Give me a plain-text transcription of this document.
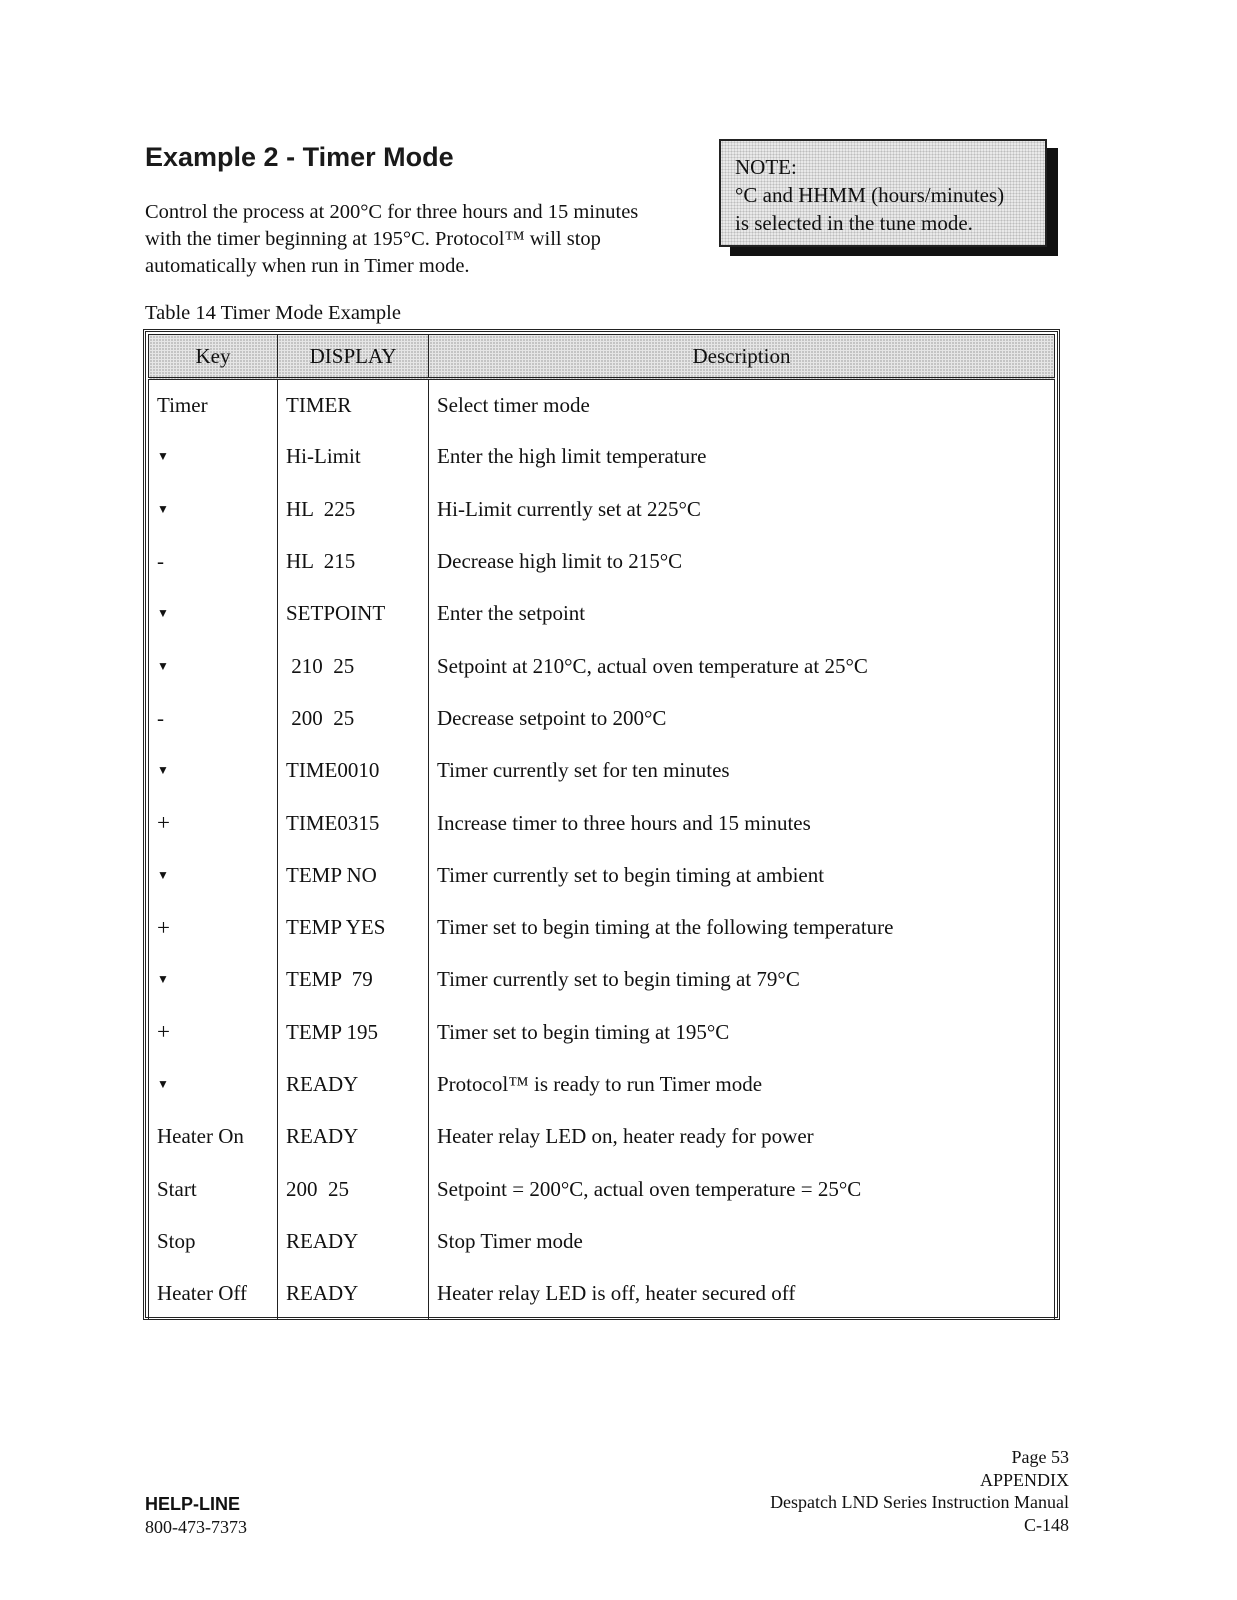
Example 2 - Timer Mode
Control the process at 200°C for three hours and 15 minutes
with the timer beginning at 195°C. Protocol™ will stop
automatically when run in Timer mode.
NOTE:
°C and HHMM (hours/minutes)
is selected in the tune mode.
Table 14 Timer Mode Example
Key	DISPLAY	Description
Timer	TIMER	Select timer mode
▼	Hi-Limit	Enter the high limit temperature
▼	HL  225	Hi-Limit currently set at 225°C
-	HL  215	Decrease high limit to 215°C
▼	SETPOINT	Enter the setpoint
▼	210  25	Setpoint at 210°C, actual oven temperature at 25°C
-	200  25	Decrease setpoint to 200°C
▼	TIME0010	Timer currently set for ten minutes
+	TIME0315	Increase timer to three hours and 15 minutes
▼	TEMP NO	Timer currently set to begin timing at ambient
+	TEMP YES	Timer set to begin timing at the following temperature
▼	TEMP  79	Timer currently set to begin timing at 79°C
+	TEMP 195	Timer set to begin timing at 195°C
▼	READY	Protocol™ is ready to run Timer mode
Heater On	READY	Heater relay LED on, heater ready for power
Start	200  25	Setpoint = 200°C, actual oven temperature = 25°C
Stop	READY	Stop Timer mode
Heater Off	READY	Heater relay LED is off, heater secured off
HELP-LINE
800-473-7373
Page 53
APPENDIX
Despatch LND Series Instruction Manual
C-148
